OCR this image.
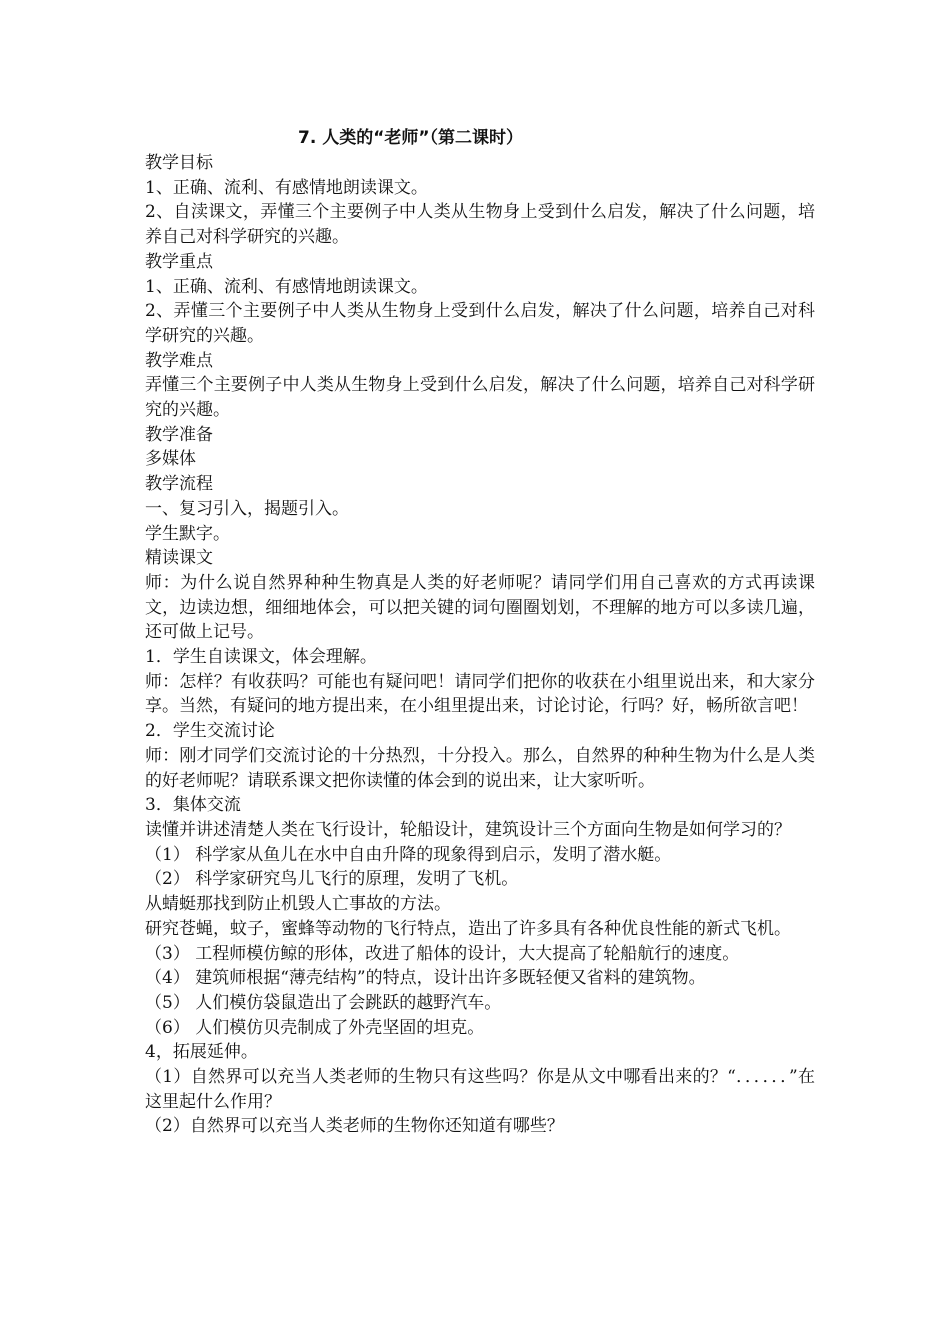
7. 人类的“老师”（第二课时）

教学目标

1、正确、流利、有感情地朗读课文。

2、自渎课文，弄懂三个主要例子中人类从生物身上受到什么启发，解决了什么问题，培养自己对科学研究的兴趣。

教学重点

1、正确、流利、有感情地朗读课文。

2、弄懂三个主要例子中人类从生物身上受到什么启发，解决了什么问题，培养自己对科学研究的兴趣。

教学难点

弄懂三个主要例子中人类从生物身上受到什么启发，解决了什么问题，培养自己对科学研究的兴趣。

教学准备

多媒体

教学流程

一、复习引入，揭题引入。

学生默字。

精读课文

师：为什么说自然界种种生物真是人类的好老师呢？请同学们用自己喜欢的方式再读课文，边读边想，细细地体会，可以把关键的词句圈圈划划，不理解的地方可以多读几遍，还可做上记号。

1．学生自读课文，体会理解。

师：怎样？有收获吗？可能也有疑问吧！请同学们把你的收获在小组里说出来，和大家分享。当然，有疑问的地方提出来，在小组里提出来，讨论讨论，行吗？好，畅所欲言吧！

2．学生交流讨论

师：刚才同学们交流讨论的十分热烈，十分投入。那么，自然界的种种生物为什么是人类的好老师呢？请联系课文把你读懂的体会到的说出来，让大家听听。

3．集体交流

读懂并讲述清楚人类在飞行设计，轮船设计，建筑设计三个方面向生物是如何学习的？

（1） 科学家从鱼儿在水中自由升降的现象得到启示，发明了潜水艇。

（2） 科学家研究鸟儿飞行的原理，发明了飞机。

从蜻蜓那找到防止机毁人亡事故的方法。

研究苍蝇，蚊子，蜜蜂等动物的飞行特点，造出了许多具有各种优良性能的新式飞机。

（3） 工程师模仿鲸的形体，改进了船体的设计，大大提高了轮船航行的速度。

（4） 建筑师根据“薄壳结构”的特点，设计出许多既轻便又省料的建筑物。

（5） 人们模仿袋鼠造出了会跳跃的越野汽车。

（6） 人们模仿贝壳制成了外壳坚固的坦克。

4，拓展延伸。

（1）自然界可以充当人类老师的生物只有这些吗？你是从文中哪看出来的？“．．．．．．”在这里起什么作用？

（2）自然界可以充当人类老师的生物你还知道有哪些？
